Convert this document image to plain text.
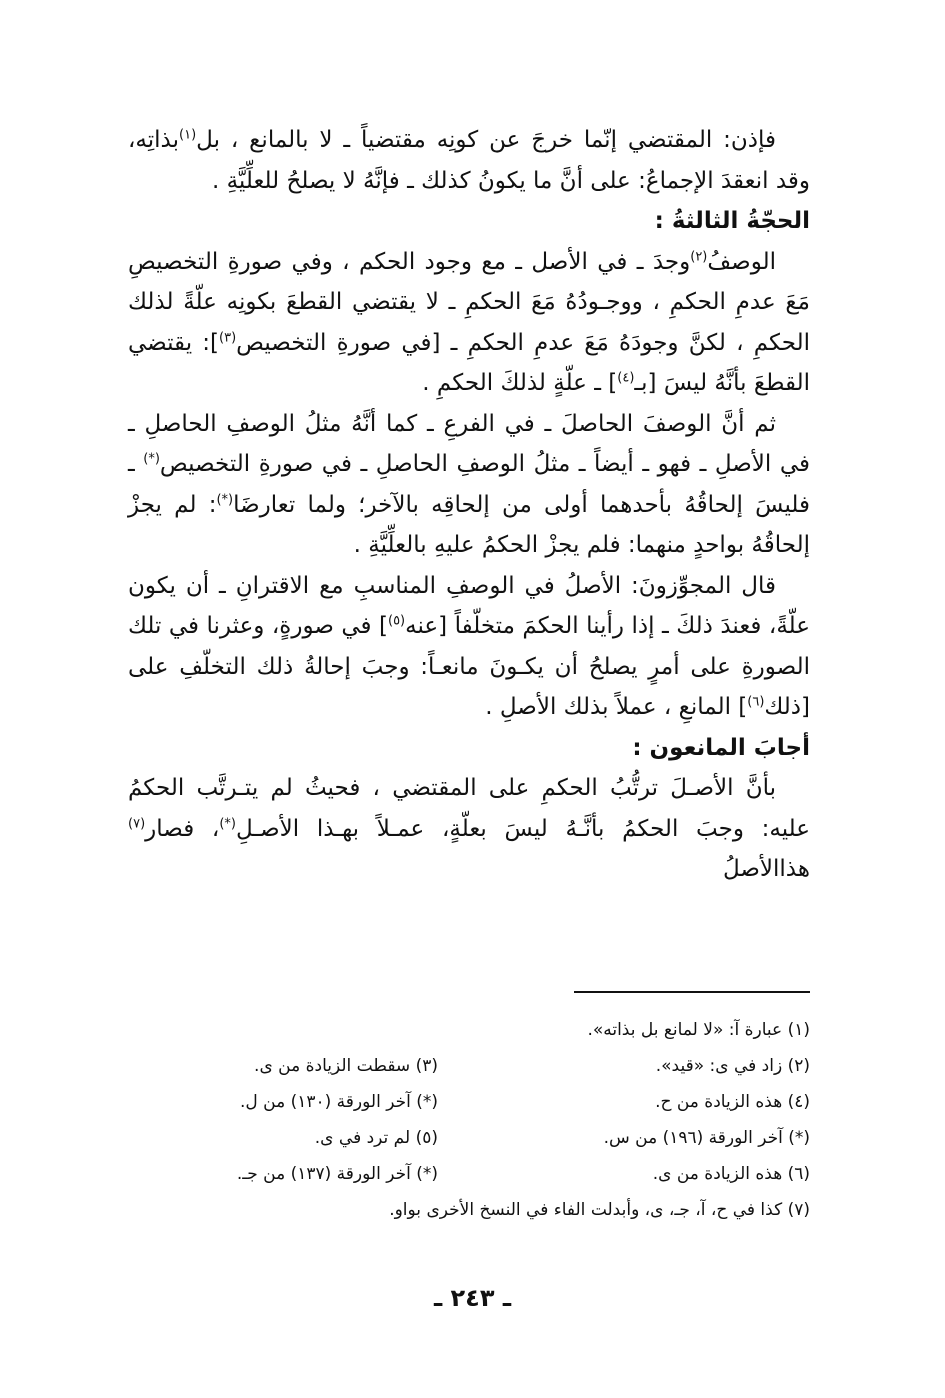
فإذن: المقتضي إنّما خرجَ عن كونِه مقتضياً ـ لا بالمانع ، بل$^{(١)}$بذاتِه، وقد انعقدَ الإجماعُ: على أنَّ ما يكونُ كذلك ـ فإنَّهُ لا يصلحُ للعلِّيَّةِ .

الحجّةُ الثالثةُ :

الوصفُ$^{(٢)}$وجدَ ـ في الأصل ـ مع وجود الحكم ، وفي صورةِ التخصيصِ مَعَ عدمِ الحكمِ ، ووجـودُهُ مَعَ الحكمِ ـ لا يقتضي القطعَ بكونِه علّةً لذلك الحكمِ ، لكنَّ وجودَهُ مَعَ عدمِ الحكمِ ـ [في صورةِ التخصيص$^{(٣)}$]: يقتضي القطعَ بأنَّهُ ليسَ [بـ$^{(٤)}$] ـ علّةٍ لذلكَ الحكمِ .

ثم أنَّ الوصفَ الحاصلَ ـ في الفرعِ ـ كما أنَّهُ مثلُ الوصفِ الحاصلِ ـ في الأصلِ ـ فهو ـ أيضاً ـ مثلُ الوصفِ الحاصلِ ـ في صورةِ التخصيص(*) ـ فليسَ إلحاقُهُ بأحدهما أولى من إلحاقِه بالآخر؛ ولما تعارضَا(*): لم يجزْ إلحاقُهُ بواحدٍ منهما: فلم يجزْ الحكمُ عليهِ بالعلِّيَّةِ .

قال المجوِّزونَ: الأصلُ في الوصفِ المناسبِ مع الاقترانِ ـ أن يكون علّةً، فعندَ ذلكَ ـ إذا رأينا الحكمَ متخلّفاً [عنه$^{(٥)}$] في صورةٍ، وعثرنا في تلك الصورةِ على أمرٍ يصلحُ أن يكـونَ مانعـاً: وجبَ إحالةُ ذلك التخلّفِ على [ذلك$^{(٦)}$] المانعِ ، عملاً بذلك الأصلِ .

أجابَ المانعون :

بأنَّ الأصـلَ ترتُّبُ الحكمِ على المقتضي ، فحيثُ لم يتـرتَّب الحكمُ عليه: وجبَ الحكمُ بأنَّـهُ ليسَ بعلّةٍ، عمـلاً بهـذا الأصـلِ(*)، فصار$^{(٧)}$ هذاالأصلُ

(١) عبارة آ: «لا لمانع بل بذاته».
(٢) زاد في ى: «قيد».
(٣) سقطت الزيادة من ى.
(٤) هذه الزيادة من ح.
(*) آخر الورقة (١٣٠) من ل.
(*) آخر الورقة (١٩٦) من س.
(٥) لم ترد في ى.
(٦) هذه الزيادة من ى.
(*) آخر الورقة (١٣٧) من جـ.
(٧) كذا في ح، آ، جـ، ى، وأبدلت الفاء في النسخ الأخرى بواو.
ـ ٢٤٣ ـ
